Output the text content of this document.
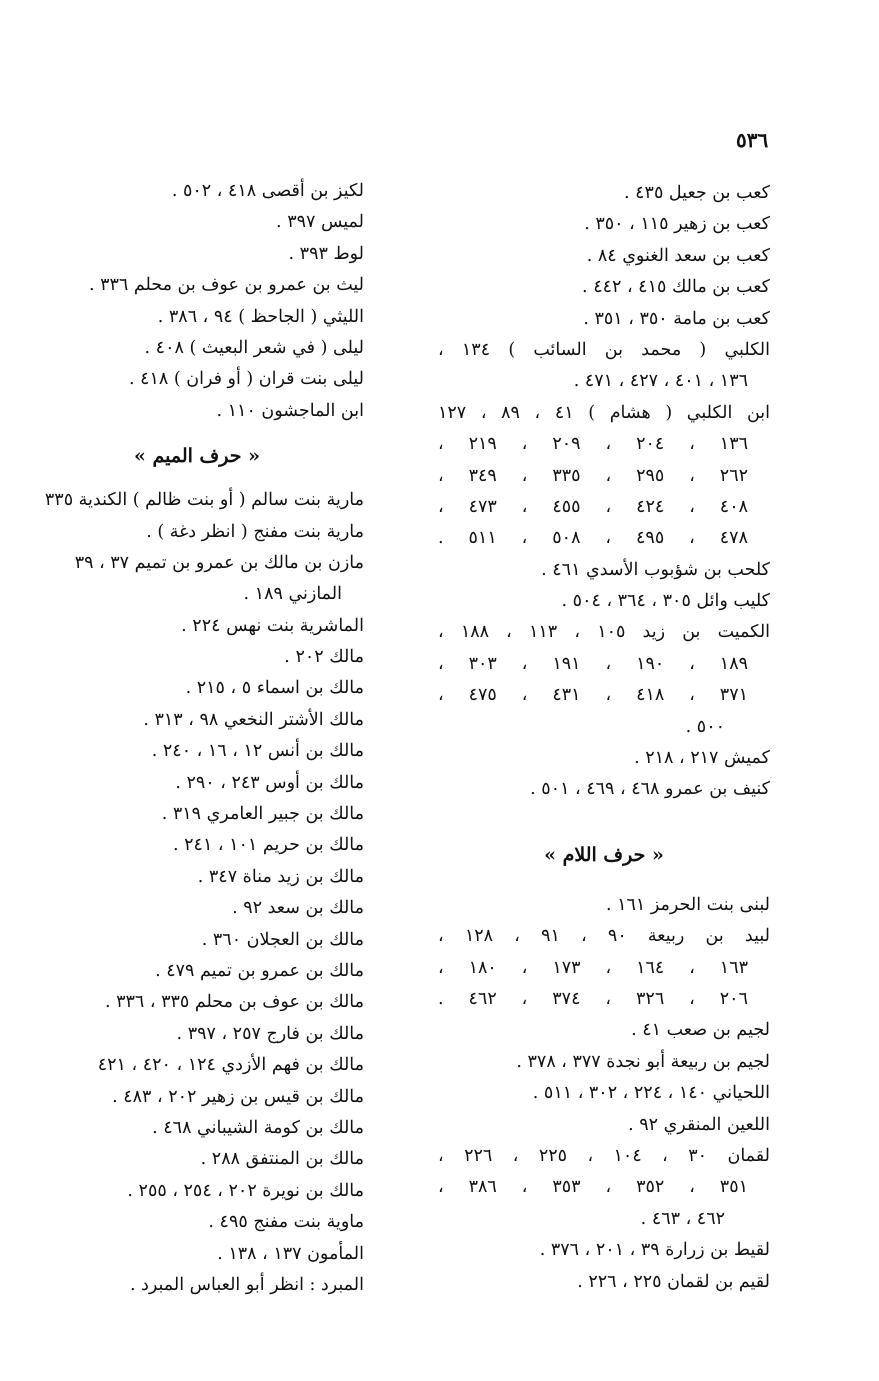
٥٣٦
كعب بن جعيل ٤٣٥ .
كعب بن زهير ١١٥ ، ٣٥٠ .
كعب بن سعد الغنوي ٨٤ .
كعب بن مالك ٤١٥ ، ٤٤٢ .
كعب بن مامة ٣٥٠ ، ٣٥١ .
الكلبي ( محمد بن السائب ) ١٣٤ ،
١٣٦ ، ٤٠١ ، ٤٢٧ ، ٤٧١ .
ابن الكلبي ( هشام ) ٤١ ، ٨٩ ، ١٢٧
١٣٦ ، ٢٠٤ ، ٢٠٩ ، ٢١٩ ،
٢٦٢ ، ٢٩٥ ، ٣٣٥ ، ٣٤٩ ،
٤٠٨ ، ٤٢٤ ، ٤٥٥ ، ٤٧٣ ،
٤٧٨ ، ٤٩٥ ، ٥٠٨ ، ٥١١ .
كلحب بن شؤبوب الأسدي ٤٦١ .
كليب وائل ٣٠٥ ، ٣٦٤ ، ٥٠٤ .
الكميت بن زيد ١٠٥ ، ١١٣ ، ١٨٨ ،
١٨٩ ، ١٩٠ ، ١٩١ ، ٣٠٣ ،
٣٧١ ، ٤١٨ ، ٤٣١ ، ٤٧٥ ،
٥٠٠ .
كميش ٢١٧ ، ٢١٨ .
كنيف بن عمرو ٤٦٨ ، ٤٦٩ ، ٥٠١ .
« حرف اللام »
لبنى بنت الحرمز ١٦١ .
لبيد بن ربيعة ٩٠ ، ٩١ ، ١٢٨ ،
١٦٣ ، ١٦٤ ، ١٧٣ ، ١٨٠ ،
٢٠٦ ، ٣٢٦ ، ٣٧٤ ، ٤٦٢ .
لجيم بن صعب ٤١ .
لجيم بن ربيعة أبو نجدة ٣٧٧ ، ٣٧٨ .
اللحياني ١٤٠ ، ٢٢٤ ، ٣٠٢ ، ٥١١ .
اللعين المنقري ٩٢ .
لقمان ٣٠ ، ١٠٤ ، ٢٢٥ ، ٢٢٦ ،
٣٥١ ، ٣٥٢ ، ٣٥٣ ، ٣٨٦ ،
٤٦٢ ، ٤٦٣ .
لقيط بن زرارة ٣٩ ، ٢٠١ ، ٣٧٦ .
لقيم بن لقمان ٢٢٥ ، ٢٢٦ .
لكيز بن أقصى ٤١٨ ، ٥٠٢ .
لميس ٣٩٧ .
لوط ٣٩٣ .
ليث بن عمرو بن عوف بن محلم ٣٣٦ .
الليثي ( الجاحظ ) ٩٤ ، ٣٨٦ .
ليلى ( في شعر البعيث ) ٤٠٨ .
ليلى بنت قران ( أو فران ) ٤١٨ .
ابن الماجشون ١١٠ .
« حرف الميم »
مارية بنت سالم ( أو بنت ظالم ) الكندية ٣٣٥
مارية بنت مفنج ( انظر دغة ) .
مازن بن مالك بن عمرو بن تميم ٣٧ ، ٣٩
المازني ١٨٩ .
الماشرية بنت نهس ٢٢٤ .
مالك ٢٠٢ .
مالك بن اسماء ٥ ، ٢١٥ .
مالك الأشتر النخعي ٩٨ ، ٣١٣ .
مالك بن أنس ١٢ ، ١٦ ، ٢٤٠ .
مالك بن أوس ٢٤٣ ، ٢٩٠ .
مالك بن جبير العامري ٣١٩ .
مالك بن حريم ١٠١ ، ٢٤١ .
مالك بن زيد مناة ٣٤٧ .
مالك بن سعد ٩٢ .
مالك بن العجلان ٣٦٠ .
مالك بن عمرو بن تميم ٤٧٩ .
مالك بن عوف بن محلم ٣٣٥ ، ٣٣٦ .
مالك بن فارج ٢٥٧ ، ٣٩٧ .
مالك بن فهم الأزدي ١٢٤ ، ٤٢٠ ، ٤٢١
مالك بن قيس بن زهير ٢٠٢ ، ٤٨٣ .
مالك بن كومة الشيباني ٤٦٨ .
مالك بن المنتفق ٢٨٨ .
مالك بن نويرة ٢٠٢ ، ٢٥٤ ، ٢٥٥ .
ماوية بنت مفنج ٤٩٥ .
المأمون ١٣٧ ، ١٣٨ .
المبرد : انظر أبو العباس المبرد .
